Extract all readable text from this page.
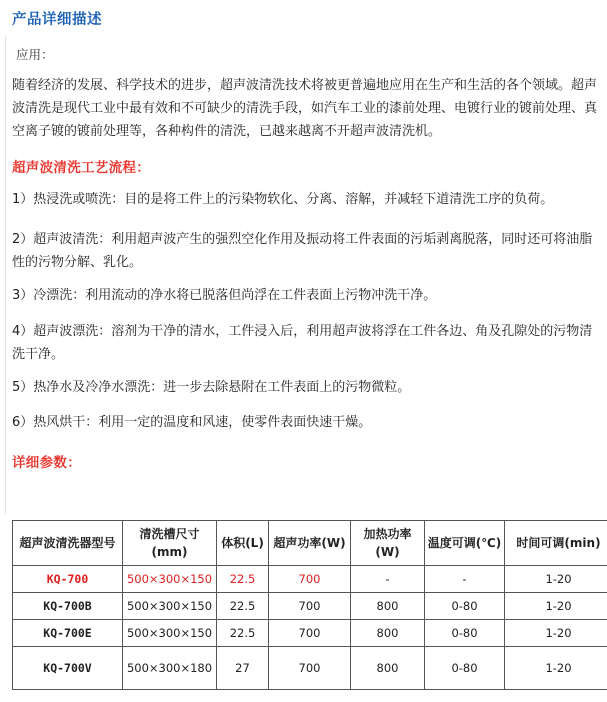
产品详细描述
应用：

随着经济的发展、科学技术的进步，超声波清洗技术将被更普遍地应用在生产和生活的各个领域。超声波清洗是现代工业中最有效和不可缺少的清洗手段，如汽车工业的漆前处理、电镀行业的镀前处理、真空离子镀的镀前处理等，各种构件的清洗，已越来越离不开超声波清洗机。

超声波清洗工艺流程：

1）热浸洗或喷洗：目的是将工件上的污染物软化、分离、溶解，并减轻下道清洗工序的负荷。

2）超声波清洗：利用超声波产生的强烈空化作用及振动将工件表面的污垢剥离脱落，同时还可将油脂性的污物分解、乳化。

3）冷漂洗：利用流动的净水将已脱落但尚浮在工件表面上污物冲洗干净。

4）超声波漂洗：溶剂为干净的清水，工件浸入后，利用超声波将浮在工件各边、角及孔隙处的污物清洗干净。

5）热净水及冷净水漂洗：进一步去除悬附在工件表面上的污物微粒。

6）热风烘干：利用一定的温度和风速，使零件表面快速干燥。

详细参数：
超声波清洗器型号	清洗槽尺寸(mm)	体积(L)	超声功率(W)	加热功率(W)	温度可调(℃)	时间可调(min)
KQ-700	500×300×150	22.5	700	-	-	1-20
KQ-700B	500×300×150	22.5	700	800	0-80	1-20
KQ-700E	500×300×150	22.5	700	800	0-80	1-20
KQ-700V	500×300×180	27	700	800	0-80	1-20
